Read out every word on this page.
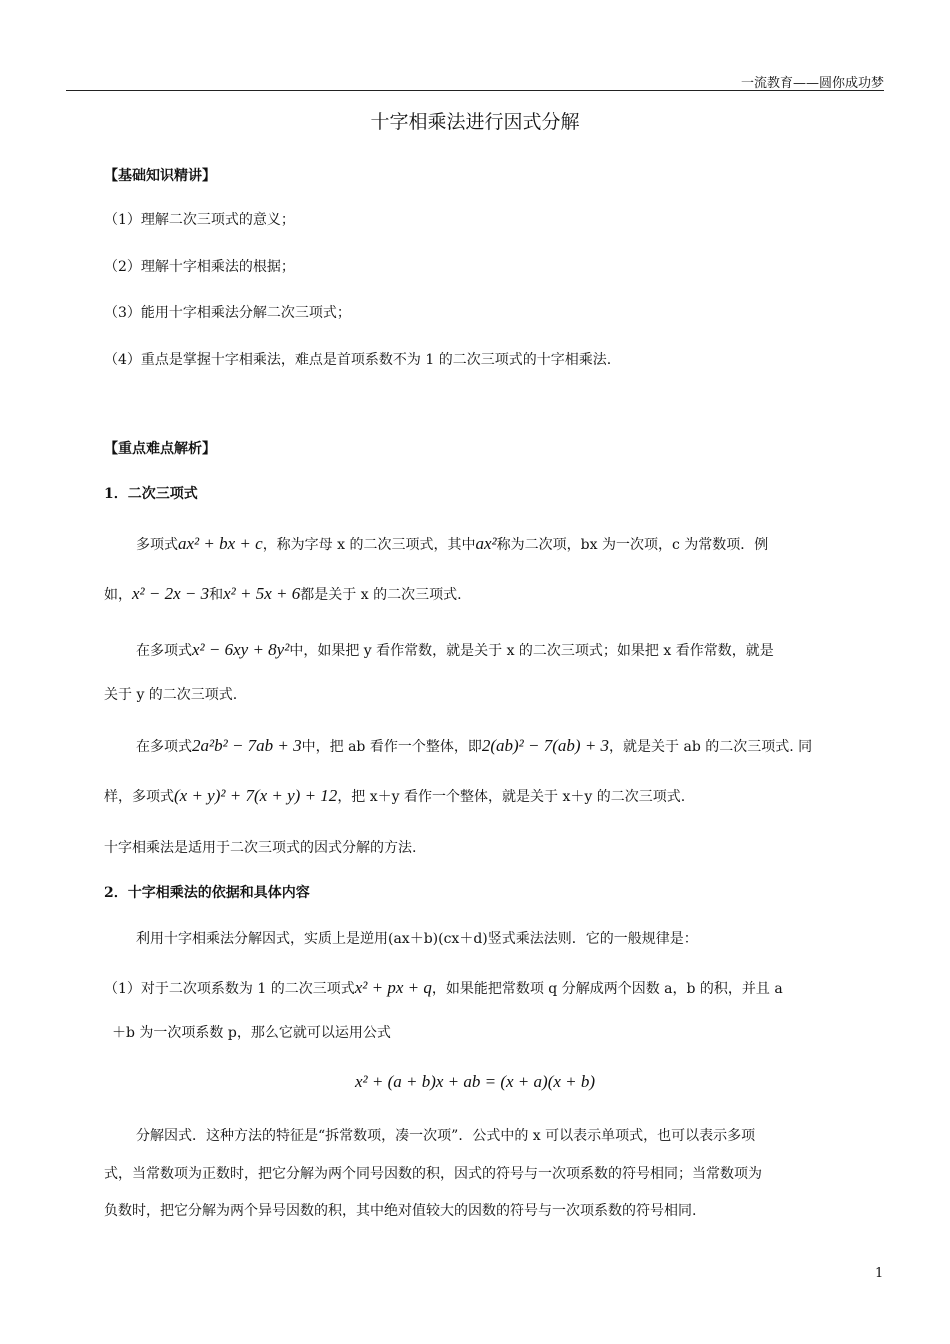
一流教育——圆你成功梦
十字相乘法进行因式分解
【基础知识精讲】
（1）理解二次三项式的意义；
（2）理解十字相乘法的根据；
（3）能用十字相乘法分解二次三项式；
（4）重点是掌握十字相乘法，难点是首项系数不为 1 的二次三项式的十字相乘法.
【重点难点解析】
1．二次三项式
多项式ax² + bx + c，称为字母 x 的二次三项式，其中ax²称为二次项，bx 为一次项，c 为常数项．例
如，x² − 2x − 3和x² + 5x + 6都是关于 x 的二次三项式.
在多项式x² − 6xy + 8y²中，如果把 y 看作常数，就是关于 x 的二次三项式；如果把 x 看作常数，就是
关于 y 的二次三项式.
在多项式2a²b² − 7ab + 3中，把 ab 看作一个整体，即2(ab)² − 7(ab) + 3，就是关于 ab 的二次三项式. 同
样，多项式(x + y)² + 7(x + y) + 12，把 x＋y 看作一个整体，就是关于 x＋y 的二次三项式.
十字相乘法是适用于二次三项式的因式分解的方法.
2．十字相乘法的依据和具体内容
利用十字相乘法分解因式，实质上是逆用(ax＋b)(cx＋d)竖式乘法法则．它的一般规律是：
（1）对于二次项系数为 1 的二次三项式x² + px + q，如果能把常数项 q 分解成两个因数 a，b 的积，并且 a
＋b 为一次项系数 p，那么它就可以运用公式
x² + (a + b)x + ab = (x + a)(x + b)
分解因式．这种方法的特征是“拆常数项，凑一次项”．公式中的 x 可以表示单项式，也可以表示多项
式，当常数项为正数时，把它分解为两个同号因数的积，因式的符号与一次项系数的符号相同；当常数项为
负数时，把它分解为两个异号因数的积，其中绝对值较大的因数的符号与一次项系数的符号相同.
1
